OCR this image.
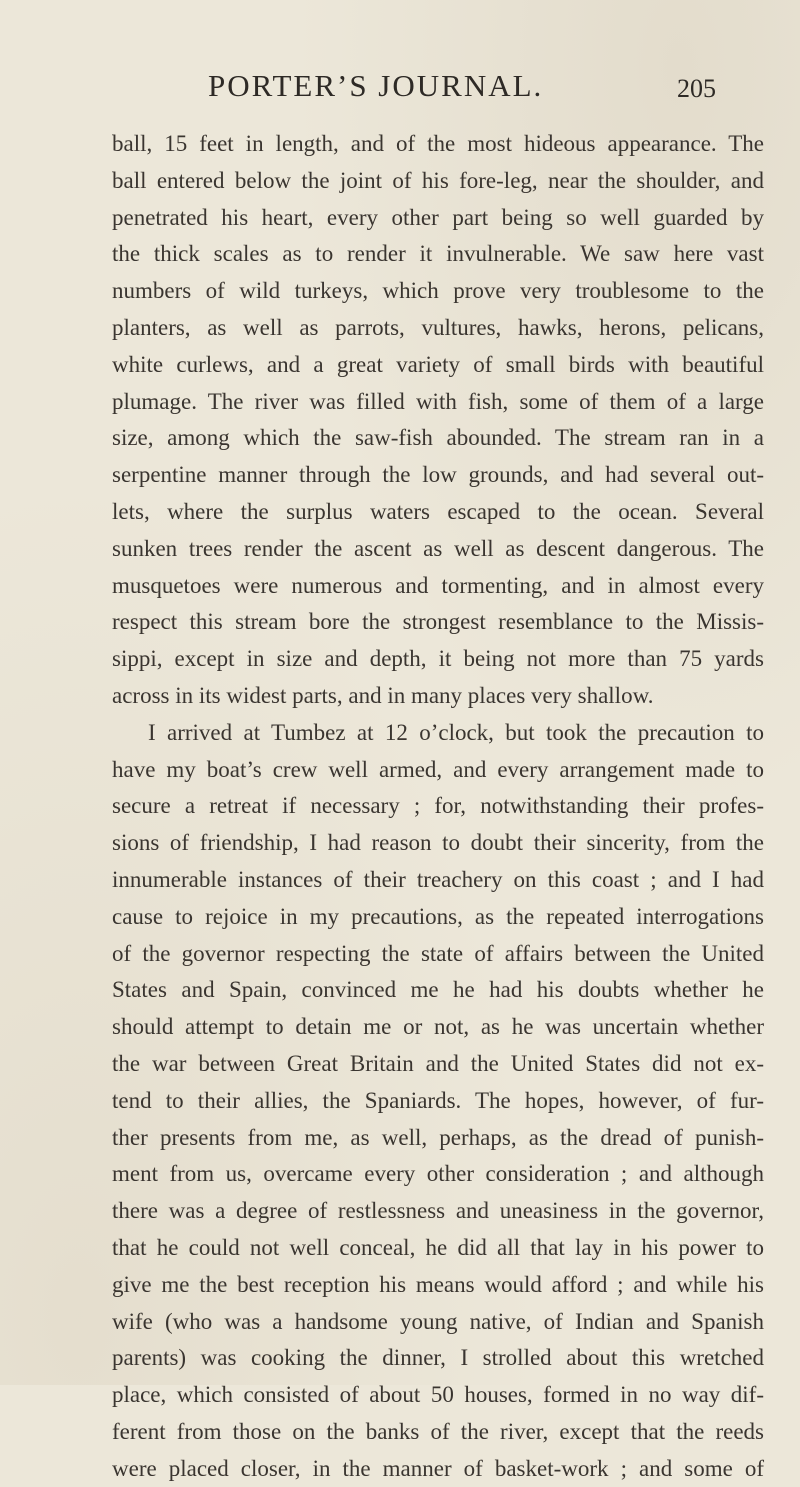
PORTER’S JOURNAL.	205
ball, 15 feet in length, and of the most hideous appearance. The
ball entered below the joint of his fore-leg, near the shoulder, and
penetrated his heart, every other part being so well guarded by
the thick scales as to render it invulnerable. We saw here vast
numbers of wild turkeys, which prove very troublesome to the
planters, as well as parrots, vultures, hawks, herons, pelicans,
white curlews, and a great variety of small birds with beautiful
plumage. The river was filled with fish, some of them of a large
size, among which the saw-fish abounded. The stream ran in a
serpentine manner through the low grounds, and had several out-
lets, where the surplus waters escaped to the ocean. Several
sunken trees render the ascent as well as descent dangerous. The
musquetoes were numerous and tormenting, and in almost every
respect this stream bore the strongest resemblance to the Missis-
sippi, except in size and depth, it being not more than 75 yards
across in its widest parts, and in many places very shallow.
I arrived at Tumbez at 12 o’clock, but took the precaution to
have my boat’s crew well armed, and every arrangement made to
secure a retreat if necessary ; for, notwithstanding their profes-
sions of friendship, I had reason to doubt their sincerity, from the
innumerable instances of their treachery on this coast ; and I had
cause to rejoice in my precautions, as the repeated interrogations
of the governor respecting the state of affairs between the United
States and Spain, convinced me he had his doubts whether he
should attempt to detain me or not, as he was uncertain whether
the war between Great Britain and the United States did not ex-
tend to their allies, the Spaniards. The hopes, however, of fur-
ther presents from me, as well, perhaps, as the dread of punish-
ment from us, overcame every other consideration ; and although
there was a degree of restlessness and uneasiness in the governor,
that he could not well conceal, he did all that lay in his power to
give me the best reception his means would afford ; and while his
wife (who was a handsome young native, of Indian and Spanish
parents) was cooking the dinner, I strolled about this wretched
place, which consisted of about 50 houses, formed in no way dif-
ferent from those on the banks of the river, except that the reeds
were placed closer, in the manner of basket-work ; and some of
